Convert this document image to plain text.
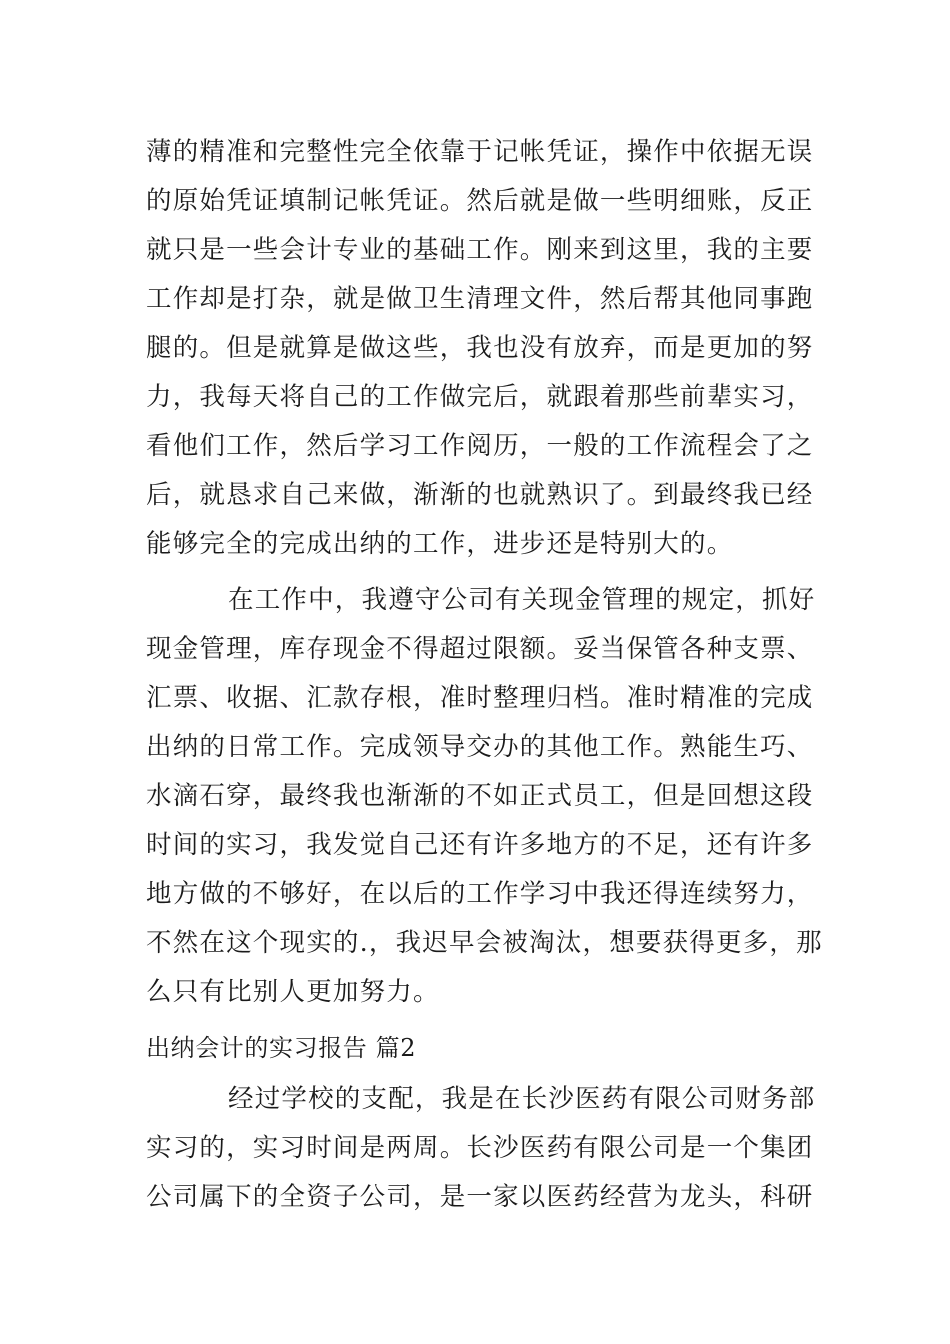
薄的精准和完整性完全依靠于记帐凭证，操作中依据无误
的原始凭证填制记帐凭证。然后就是做一些明细账，反正
就只是一些会计专业的基础工作。刚来到这里，我的主要
工作却是打杂，就是做卫生清理文件，然后帮其他同事跑
腿的。但是就算是做这些，我也没有放弃，而是更加的努
力，我每天将自己的工作做完后，就跟着那些前辈实习，
看他们工作，然后学习工作阅历，一般的工作流程会了之
后，就恳求自己来做，渐渐的也就熟识了。到最终我已经
能够完全的完成出纳的工作，进步还是特别大的。
在工作中，我遵守公司有关现金管理的规定，抓好
现金管理，库存现金不得超过限额。妥当保管各种支票、
汇票、收据、汇款存根，准时整理归档。准时精准的完成
出纳的日常工作。完成领导交办的其他工作。熟能生巧、
水滴石穿，最终我也渐渐的不如正式员工，但是回想这段
时间的实习，我发觉自己还有许多地方的不足，还有许多
地方做的不够好，在以后的工作学习中我还得连续努力，
不然在这个现实的.，我迟早会被淘汰，想要获得更多，那
么只有比别人更加努力。
出纳会计的实习报告 篇2
经过学校的支配，我是在长沙医药有限公司财务部
实习的，实习时间是两周。长沙医药有限公司是一个集团
公司属下的全资子公司，是一家以医药经营为龙头，科研
